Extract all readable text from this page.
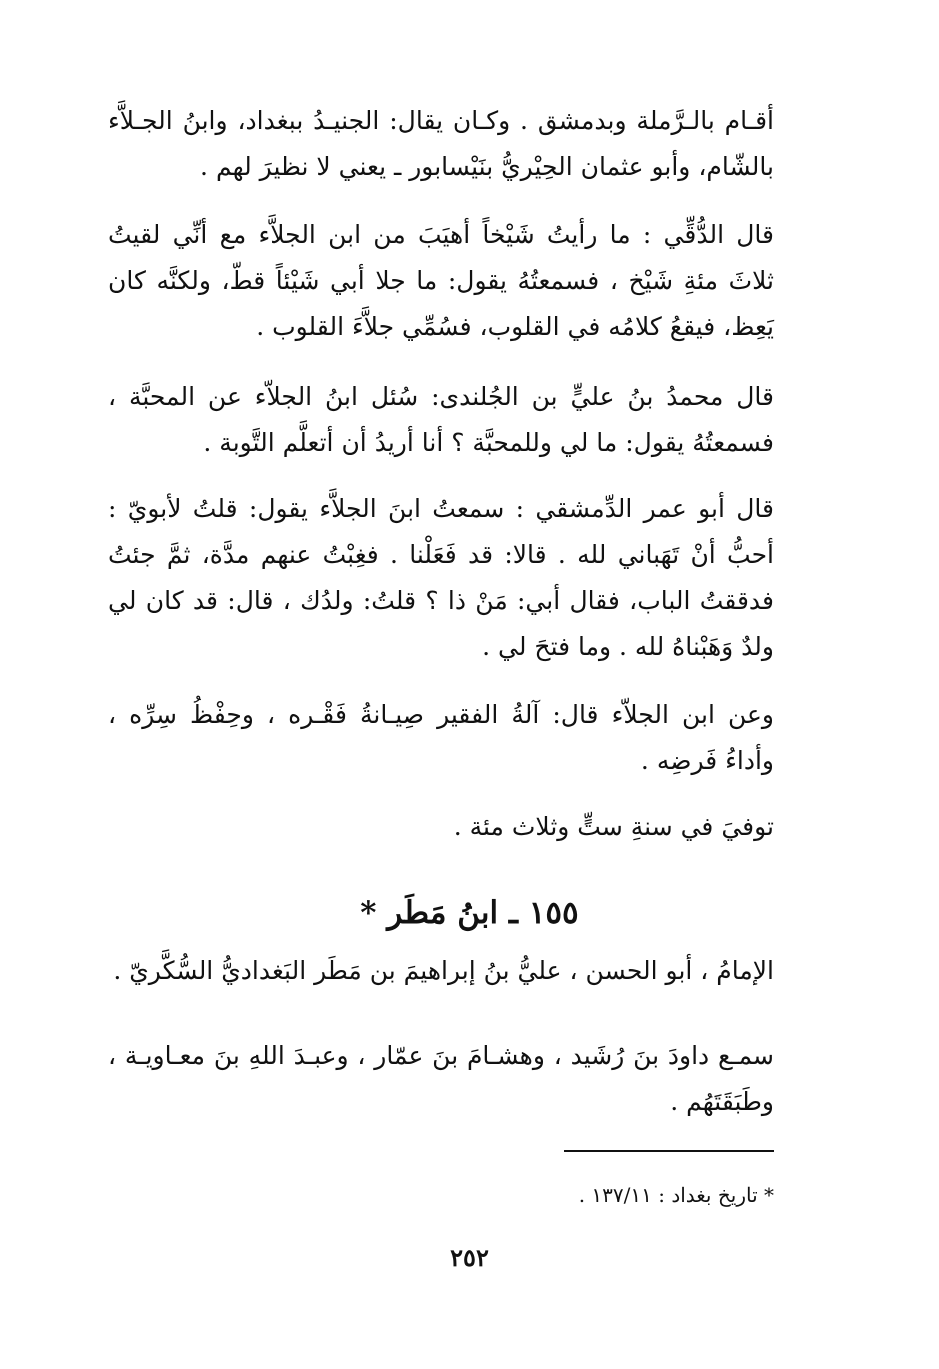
أقـام بالـرَّملة وبدمشق . وكـان يقال: الجنيـدُ ببغداد، وابنُ الجـلاَّء بالشّام، وأبو عثمان الحِيْريُّ بنَيْسابور ـ يعني لا نظيرَ لهم .
قال الدُّقِّي : ما رأيتُ شَيْخاً أهيَبَ من ابن الجلاَّء مع أنِّي لقيتُ ثلاثَ مئةِ شَيْخ ، فسمعتُهُ يقول: ما جلا أبي شَيْئاً قطّ، ولكنَّه كان يَعِظ، فيقعُ كلامُه في القلوب، فسُمِّي جلاَّءَ القلوب .
قال محمدُ بنُ عليٍّ بن الجُلندى: سُئل ابنُ الجلاّء عن المحبَّة ، فسمعتُهُ يقول: ما لي وللمحبَّة ؟ أنا أريدُ أن أتعلَّم التَّوبة .
قال أبو عمر الدِّمشقي : سمعتُ ابنَ الجلاَّء يقول: قلتُ لأبويّ : أحبُّ أنْ تَهَباني لله . قالا: قد فَعَلْنا . فغِبْتُ عنهم مدَّة، ثمَّ جئتُ فدققتُ الباب، فقال أبي: مَنْ ذا ؟ قلتُ: ولدُك ، قال: قد كان لي ولدٌ وَهَبْناهُ لله . وما فتحَ لي .
وعن ابن الجلاّء قال: آلةُ الفقير صِيـانةُ فَقْـره ، وحِفْظُ سِرِّه ، وأداءُ فَرضِه .
توفيَ في سنةِ ستٍّ وثلاث مئة .
١٥٥ ـ ابنُ مَطَر *
الإمامُ ، أبو الحسن ، عليُّ بنُ إبراهيمَ بن مَطَر البَغداديُّ السُّكَّريّ .
سمـع داودَ بنَ رُشَيد ، وهشـامَ بنَ عمّار ، وعبـدَ اللهِ بنَ معـاويـة ، وطَبَقَتَهُم .
* تاريخ بغداد : ١٣٧/١١ .
٢٥٢
